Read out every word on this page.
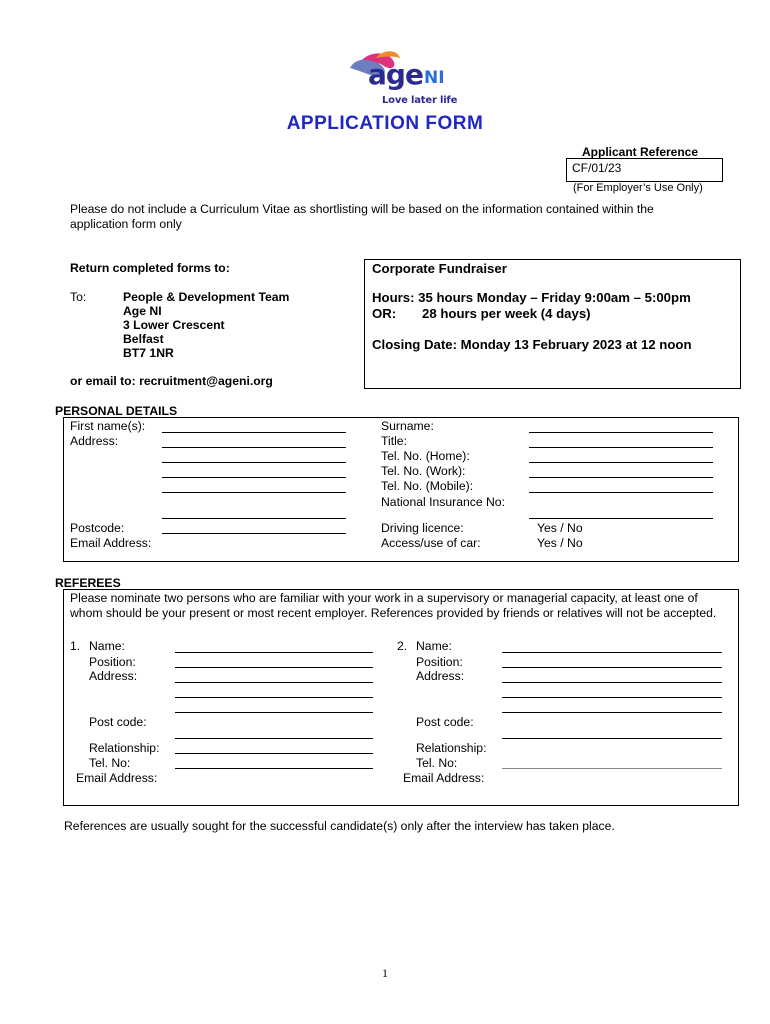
age NI
Love later life
APPLICATION FORM
Applicant Reference
CF/01/23
(For Employer’s Use Only)
Please do not include a Curriculum Vitae as shortlisting will be based on the information contained within the application form only
Return completed forms to:
To:	People & Development Team
Age NI
3 Lower Crescent
Belfast
BT7 1NR
or email to: recruitment@ageni.org
Corporate Fundraiser
Hours: 35 hours Monday – Friday 9:00am – 5:00pm
OR: 28 hours per week (4 days)
Closing Date: Monday 13 February 2023 at 12 noon
PERSONAL DETAILS
First name(s):
Address:
Postcode:
Email Address:
Surname:
Title:
Tel. No. (Home):
Tel. No. (Work):
Tel. No. (Mobile):
National Insurance No:
Driving licence:
Access/use of car:
Yes / No
Yes / No
REFEREES
Please nominate two persons who are familiar with your work in a supervisory or managerial capacity, at least one of whom should be your present or most recent employer. References provided by friends or relatives will not be accepted.
1. Name:
Position:
Address:
Post code:
Relationship:
Tel. No:
Email Address:
2. Name:
Position:
Address:
Post code:
Relationship:
Tel. No:
Email Address:
References are usually sought for the successful candidate(s) only after the interview has taken place.
1
